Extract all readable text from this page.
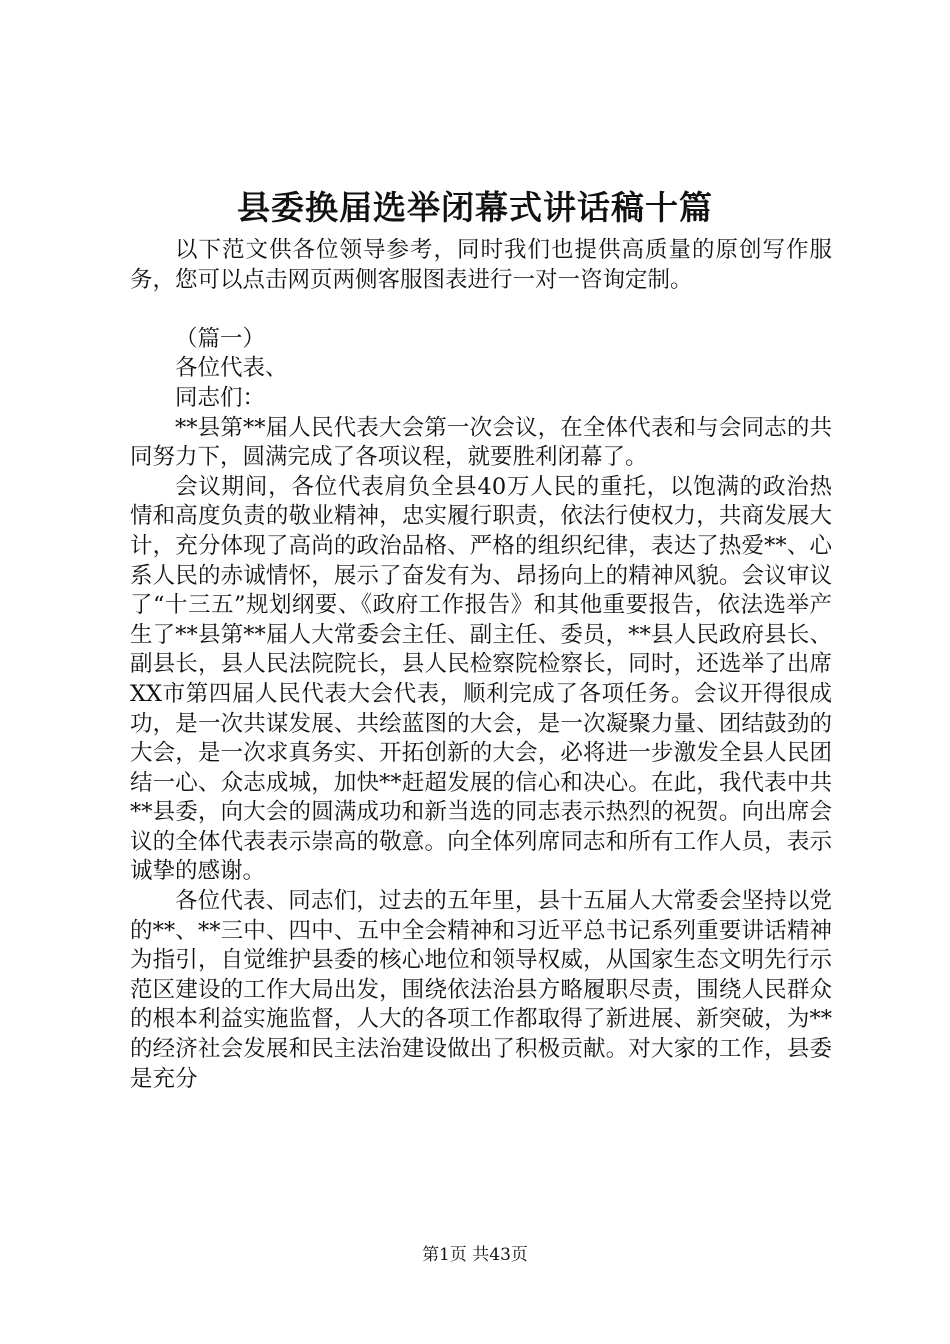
县委换届选举闭幕式讲话稿十篇

以下范文供各位领导参考，同时我们也提供高质量的原创写作服务，您可以点击网页两侧客服图表进行一对一咨询定制。

（篇一）

各位代表、

同志们：

**县第**届人民代表大会第一次会议，在全体代表和与会同志的共同努力下，圆满完成了各项议程，就要胜利闭幕了。

会议期间，各位代表肩负全县40万人民的重托，以饱满的政治热情和高度负责的敬业精神，忠实履行职责，依法行使权力，共商发展大计，充分体现了高尚的政治品格、严格的组织纪律，表达了热爱**、心系人民的赤诚情怀，展示了奋发有为、昂扬向上的精神风貌。会议审议了“十三五”规划纲要、《政府工作报告》和其他重要报告，依法选举产生了**县第**届人大常委会主任、副主任、委员，**县人民政府县长、副县长，县人民法院院长，县人民检察院检察长，同时，还选举了出席XX市第四届人民代表大会代表，顺利完成了各项任务。会议开得很成功，是一次共谋发展、共绘蓝图的大会，是一次凝聚力量、团结鼓劲的大会，是一次求真务实、开拓创新的大会，必将进一步激发全县人民团结一心、众志成城，加快**赶超发展的信心和决心。在此，我代表中共**县委，向大会的圆满成功和新当选的同志表示热烈的祝贺。向出席会议的全体代表表示崇高的敬意。向全体列席同志和所有工作人员，表示诚挚的感谢。

各位代表、同志们，过去的五年里，县十五届人大常委会坚持以党的**、**三中、四中、五中全会精神和习近平总书记系列重要讲话精神为指引，自觉维护县委的核心地位和领导权威，从国家生态文明先行示范区建设的工作大局出发，围绕依法治县方略履职尽责，围绕人民群众的根本利益实施监督，人大的各项工作都取得了新进展、新突破，为**的经济社会发展和民主法治建设做出了积极贡献。对大家的工作，县委是充分

第1页 共43页
